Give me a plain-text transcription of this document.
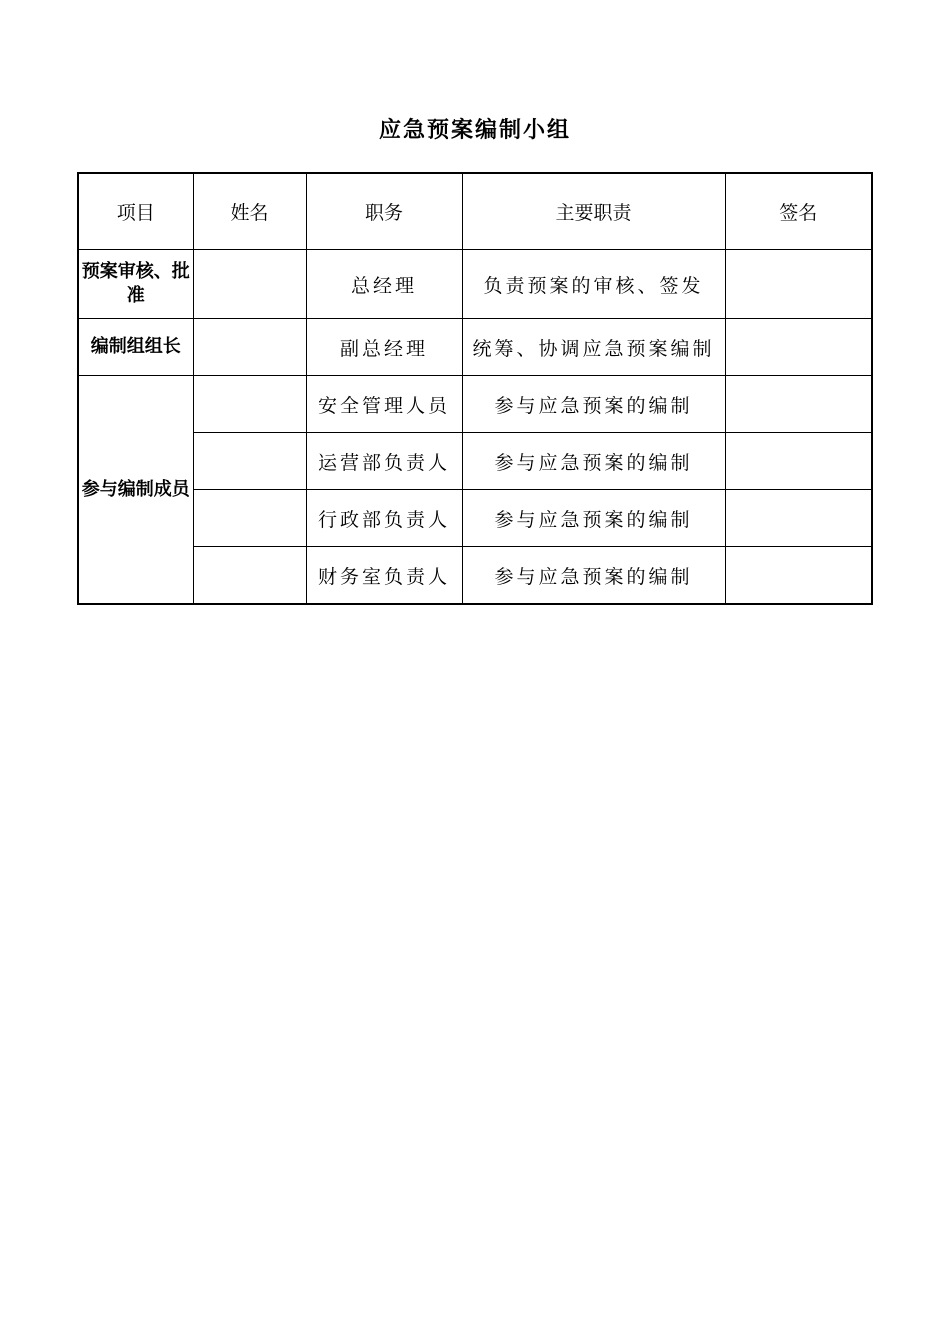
应急预案编制小组
项目	姓名	职务	主要职责	签名
预案审核、批准		总经理	负责预案的审核、签发	
编制组组长		副总经理	统筹、协调应急预案编制	
参与编制成员		安全管理人员	参与应急预案的编制	
		运营部负责人	参与应急预案的编制	
		行政部负责人	参与应急预案的编制	
		财务室负责人	参与应急预案的编制	
